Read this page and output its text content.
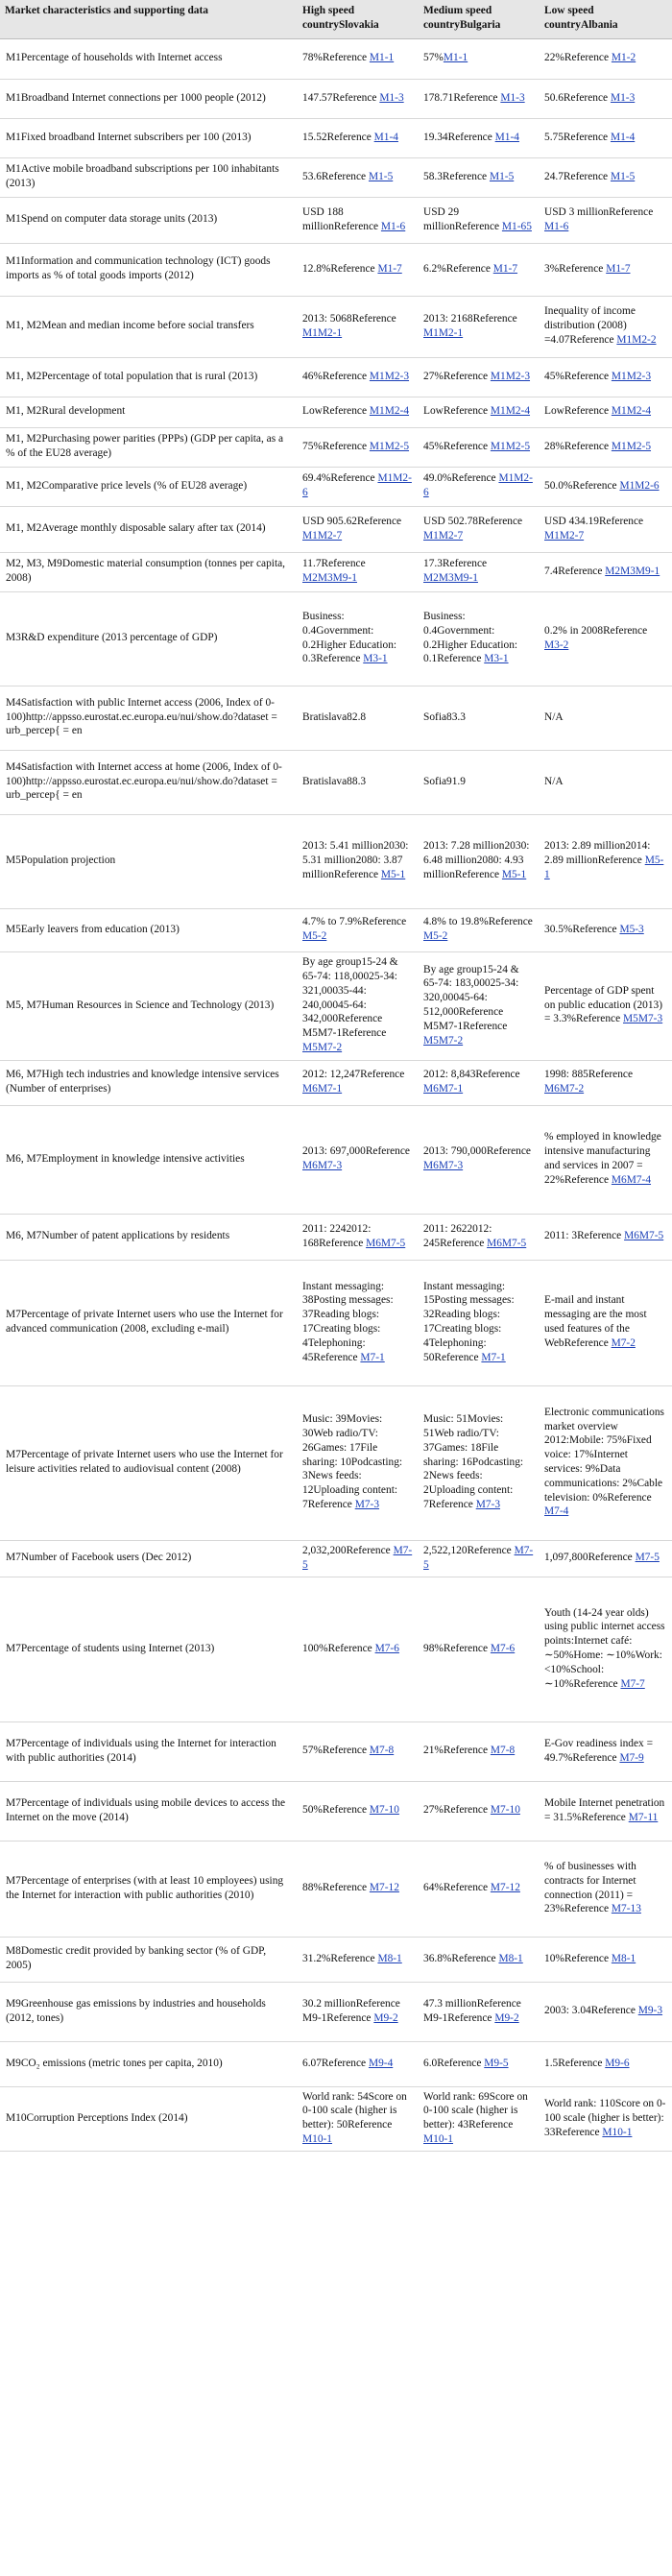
Market characteristics and supporting data	High speed countrySlovakia	Medium speed countryBulgaria	Low speed countryAlbania
M1Percentage of households with Internet access	78%Reference M1-1	57%M1-1	22%Reference M1-2
M1Broadband Internet connections per 1000 people (2012)	147.57Reference M1-3	178.71Reference M1-3	50.6Reference M1-3
M1Fixed broadband Internet subscribers per 100 (2013)	15.52Reference M1-4	19.34Reference M1-4	5.75Reference M1-4
M1Active mobile broadband subscriptions per 100 inhabitants (2013)	53.6Reference M1-5	58.3Reference M1-5	24.7Reference M1-5
M1Spend on computer data storage units (2013)	USD 188 millionReference M1-6	USD 29 millionReference M1-65	USD 3 millionReference M1-6
M1Information and communication technology (ICT) goods imports as % of total goods imports (2012)	12.8%Reference M1-7	6.2%Reference M1-7	3%Reference M1-7
M1, M2Mean and median income before social transfers	2013: 5068Reference M1M2-1	2013: 2168Reference M1M2-1	Inequality of income distribution (2008) =4.07Reference M1M2-2
M1, M2Percentage of total population that is rural (2013)	46%Reference M1M2-3	27%Reference M1M2-3	45%Reference M1M2-3
M1, M2Rural development	LowReference M1M2-4	LowReference M1M2-4	LowReference M1M2-4
M1, M2Purchasing power parities (PPPs) (GDP per capita, as a % of the EU28 average)	75%Reference M1M2-5	45%Reference M1M2-5	28%Reference M1M2-5
M1, M2Comparative price levels (% of EU28 average)	69.4%Reference M1M2-6	49.0%Reference M1M2-6	50.0%Reference M1M2-6
M1, M2Average monthly disposable salary after tax (2014)	USD 905.62Reference M1M2-7	USD 502.78Reference M1M2-7	USD 434.19Reference M1M2-7
M2, M3, M9Domestic material consumption (tonnes per capita, 2008)	11.7Reference M2M3M9-1	17.3Reference M2M3M9-1	7.4Reference M2M3M9-1
M3R&D expenditure (2013 percentage of GDP)	Business: 0.4Government: 0.2Higher Education: 0.3Reference M3-1	Business: 0.4Government: 0.2Higher Education: 0.1Reference M3-1	0.2% in 2008Reference M3-2
M4Satisfaction with public Internet access (2006, Index of 0-100)http://appsso.eurostat.ec.europa.eu/nui/show.do?dataset = urb_percep{ = en	Bratislava82.8	Sofia83.3	N/A
M4Satisfaction with Internet access at home (2006, Index of 0-100)http://appsso.eurostat.ec.europa.eu/nui/show.do?dataset = urb_percep{ = en	Bratislava88.3	Sofia91.9	N/A
M5Population projection	2013: 5.41 million2030: 5.31 million2080: 3.87 millionReference M5-1	2013: 7.28 million2030: 6.48 million2080: 4.93 millionReference M5-1	2013: 2.89 million2014: 2.89 millionReference M5-1
M5Early leavers from education (2013)	4.7% to 7.9%Reference M5-2	4.8% to 19.8%Reference M5-2	30.5%Reference M5-3
M5, M7Human Resources in Science and Technology (2013)	By age group15-24 & 65-74: 118,00025-34: 321,00035-44: 240,00045-64: 342,000Reference M5M7-1Reference M5M7-2	By age group15-24 & 65-74: 183,00025-34: 320,00045-64: 512,000Reference M5M7-1Reference M5M7-2	Percentage of GDP spent on public education (2013) = 3.3%Reference M5M7-3
M6, M7High tech industries and knowledge intensive services (Number of enterprises)	2012: 12,247Reference M6M7-1	2012: 8,843Reference M6M7-1	1998: 885Reference M6M7-2
M6, M7Employment in knowledge intensive activities	2013: 697,000Reference M6M7-3	2013: 790,000Reference M6M7-3	% employed in knowledge intensive manufacturing and services in 2007 = 22%Reference M6M7-4
M6, M7Number of patent applications by residents	2011: 2242012: 168Reference M6M7-5	2011: 2622012: 245Reference M6M7-5	2011: 3Reference M6M7-5
M7Percentage of private Internet users who use the Internet for advanced communication (2008, excluding e-mail)	Instant messaging: 38Posting messages: 37Reading blogs: 17Creating blogs: 4Telephoning: 45Reference M7-1	Instant messaging: 15Posting messages: 32Reading blogs: 17Creating blogs: 4Telephoning: 50Reference M7-1	E-mail and instant messaging are the most used features of the WebReference M7-2
M7Percentage of private Internet users who use the Internet for leisure activities related to audiovisual content (2008)	Music: 39Movies: 30Web radio/TV: 26Games: 17File sharing: 10Podcasting: 3News feeds: 12Uploading content: 7Reference M7-3	Music: 51Movies: 51Web radio/TV: 37Games: 18File sharing: 16Podcasting: 2News feeds: 2Uploading content: 7Reference M7-3	Electronic communications market overview 2012:Mobile: 75%Fixed voice: 17%Internet services: 9%Data communications: 2%Cable television: 0%Reference M7-4
M7Number of Facebook users (Dec 2012)	2,032,200Reference M7-5	2,522,120Reference M7-5	1,097,800Reference M7-5
M7Percentage of students using Internet (2013)	100%Reference M7-6	98%Reference M7-6	Youth (14-24 year olds) using public internet access points:Internet café: ∼50%Home: ∼10%Work: <10%School: ∼10%Reference M7-7
M7Percentage of individuals using the Internet for interaction with public authorities (2014)	57%Reference M7-8	21%Reference M7-8	E-Gov readiness index = 49.7%Reference M7-9
M7Percentage of individuals using mobile devices to access the Internet on the move (2014)	50%Reference M7-10	27%Reference M7-10	Mobile Internet penetration = 31.5%Reference M7-11
M7Percentage of enterprises (with at least 10 employees) using the Internet for interaction with public authorities (2010)	88%Reference M7-12	64%Reference M7-12	% of businesses with contracts for Internet connection (2011) = 23%Reference M7-13
M8Domestic credit provided by banking sector (% of GDP, 2005)	31.2%Reference M8-1	36.8%Reference M8-1	10%Reference M8-1
M9Greenhouse gas emissions by industries and households (2012, tones)	30.2 millionReference M9-1Reference M9-2	47.3 millionReference M9-1Reference M9-2	2003: 3.04Reference M9-3
M9CO₂ emissions (metric tones per capita, 2010)	6.07Reference M9-4	6.0Reference M9-5	1.5Reference M9-6
M10Corruption Perceptions Index (2014)	World rank: 54Score on 0-100 scale (higher is better): 50Reference M10-1	World rank: 69Score on 0-100 scale (higher is better): 43Reference M10-1	World rank: 110Score on 0-100 scale (higher is better): 33Reference M10-1
